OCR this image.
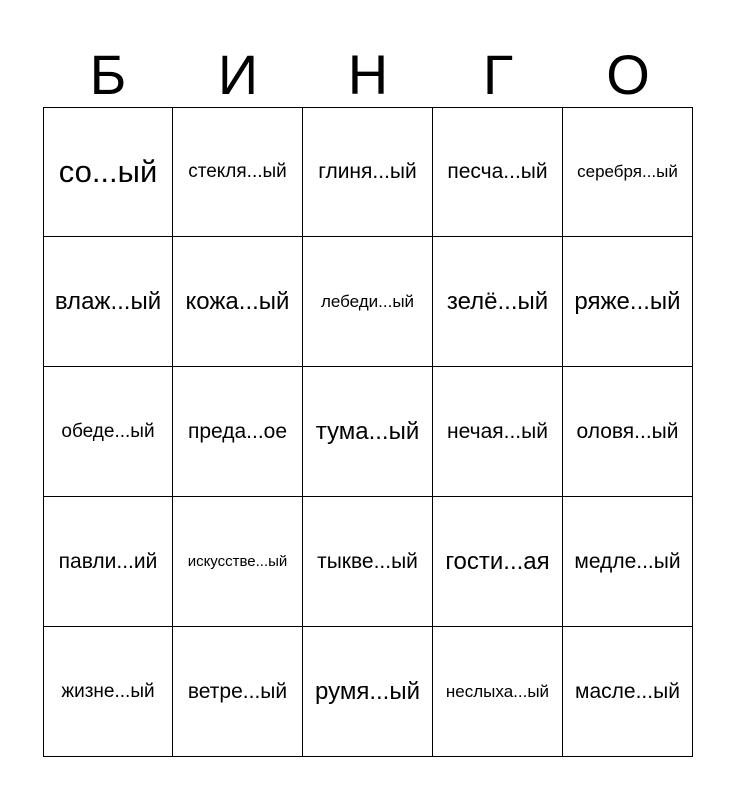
Б	И	Н	Г	О
со...ый	стекля...ый	глиня...ый	песча...ый	серебря...ый
влаж...ый	кожа...ый	лебеди...ый	зелё...ый	ряже...ый
обеде...ый	преда...ое	тума...ый	нечая...ый	оловя...ый
павли...ий	искусстве...ый	тыкве...ый	гости...ая	медле...ый
жизне...ый	ветре...ый	румя...ый	неслыха...ый	масле...ый
